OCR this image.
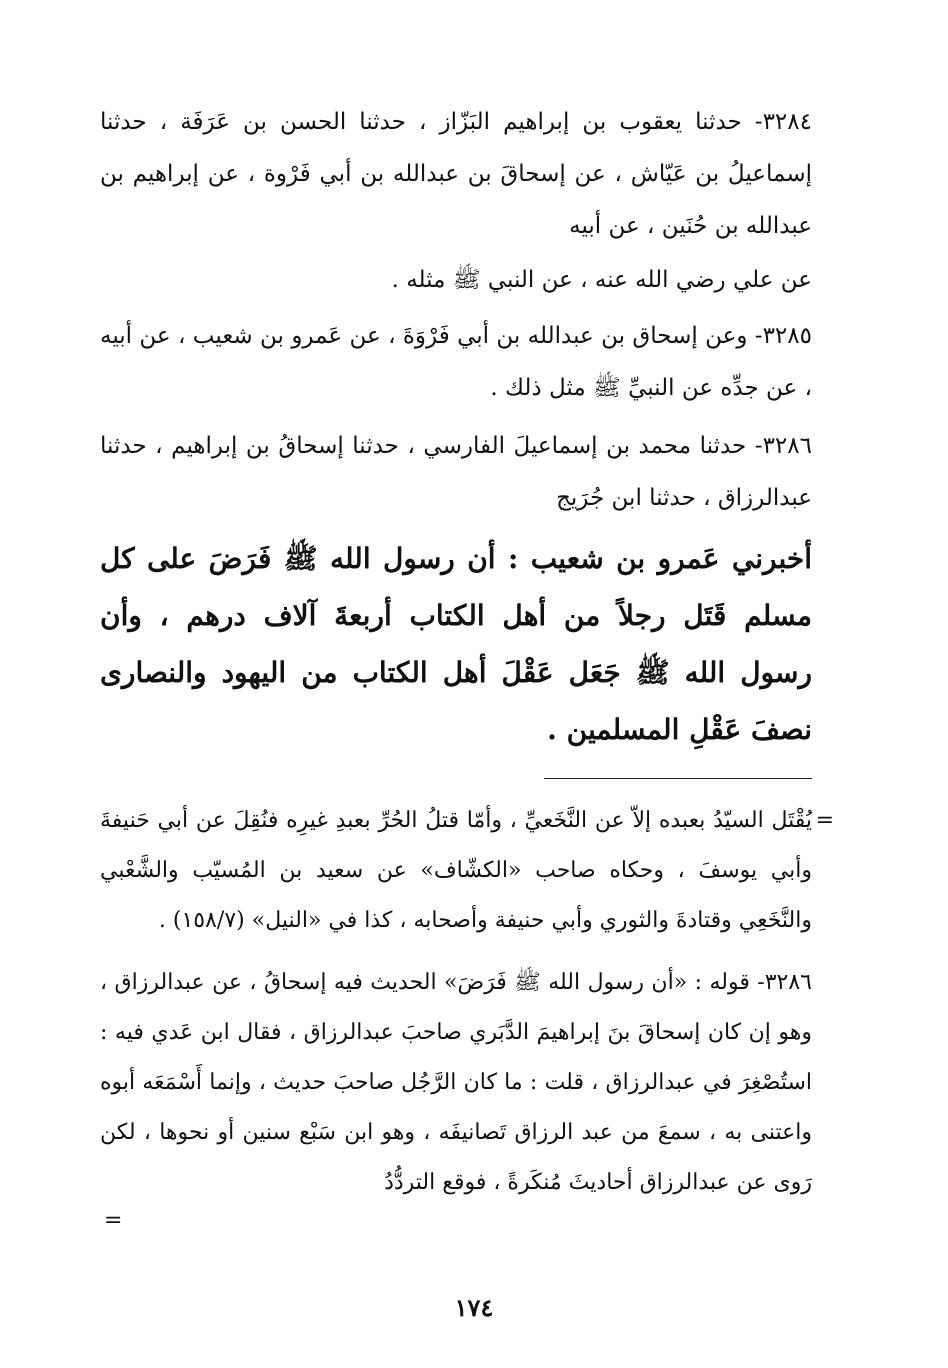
٣٢٨٤- حدثنا يعقوب بن إبراهيم البَزّاز ، حدثنا الحسن بن عَرَفَة ، حدثنا إسماعيلُ بن عَيّاش ، عن إسحاقَ بن عبدالله بن أبي فَرْوة ، عن إبراهيم بن عبدالله بن حُنَين ، عن أبيه

عن علي رضي الله عنه ، عن النبي ﷺ مثله .

٣٢٨٥- وعن إسحاق بن عبدالله بن أبي فَرْوَةَ ، عن عَمرو بن شعيب ، عن أبيه ، عن جدِّه عن النبيِّ ﷺ مثل ذلك .

٣٢٨٦- حدثنا محمد بن إسماعيلَ الفارسي ، حدثنا إسحاقُ بن إبراهيم ، حدثنا عبدالرزاق ، حدثنا ابن جُرَيج

أخبرني عَمرو بن شعيب : أن رسول الله ﷺ فَرَضَ على كل مسلم قَتَل رجلاً من أهل الكتاب أربعةَ آلاف درهم ، وأن رسول الله ﷺ جَعَل عَقْلَ أهل الكتاب من اليهود والنصارى نصفَ عَقْلِ المسلمين .

=

يُقْتَل السيّدُ بعبده إلاّ عن النَّخَعيِّ ، وأمّا قتلُ الحُرِّ بعبدِ غيرِه فنُقِلَ عن أبي حَنيفةَ وأبي يوسفَ ، وحكاه صاحب «الكشّاف» عن سعيد بن المُسيّب والشَّعْبي والنَّخَعِي وقتادةَ والثوري وأبي حنيفة وأصحابه ، كذا في «النيل» (١٥٨/٧) .

٣٢٨٦- قوله : «أن رسول الله ﷺ فَرَضَ» الحديث فيه إسحاقُ ، عن عبدالرزاق ، وهو إن كان إسحاقَ بنَ إبراهيمَ الدَّبَري صاحبَ عبدالرزاق ، فقال ابن عَدي فيه : استُصْغِرَ في عبدالرزاق ، قلت : ما كان الرَّجُل صاحبَ حديث ، وإنما أَسْمَعَه أبوه واعتنى به ، سمعَ من عبد الرزاق تَصانيفَه ، وهو ابن سَبْع سنين أو نحوها ، لكن رَوى عن عبدالرزاق أحاديثَ مُنكَرةً ، فوقع التردُّدُ

=
١٧٤
